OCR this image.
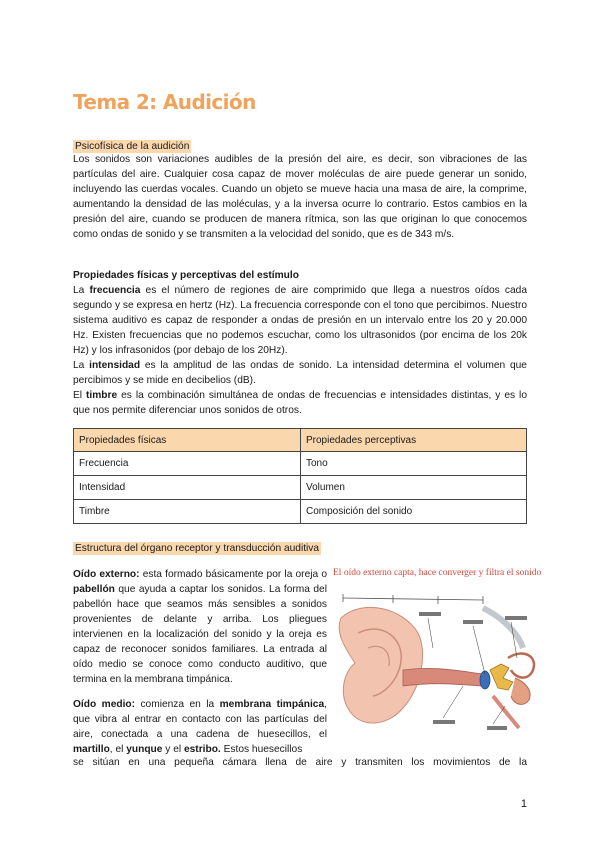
Tema 2: Audición
Psicofísica de la audición

Los sonidos son variaciones audibles de la presión del aire, es decir, son vibraciones de las partículas del aire. Cualquier cosa capaz de mover moléculas de aire puede generar un sonido, incluyendo las cuerdas vocales. Cuando un objeto se mueve hacia una masa de aire, la comprime, aumentando la densidad de las moléculas, y a la inversa ocurre lo contrario. Estos cambios en la presión del aire, cuando se producen de manera rítmica, son las que originan lo que conocemos como ondas de sonido y se transmiten a la velocidad del sonido, que es de 343 m/s.

Propiedades físicas y perceptivas del estímulo
La frecuencia es el número de regiones de aire comprimido que llega a nuestros oídos cada segundo y se expresa en hertz (Hz). La frecuencia corresponde con el tono que percibimos. Nuestro sistema auditivo es capaz de responder a ondas de presión en un intervalo entre los 20 y 20.000 Hz. Existen frecuencias que no podemos escuchar, como los ultrasonidos (por encima de los 20k Hz) y los infrasonidos (por debajo de los 20Hz).
La intensidad es la amplitud de las ondas de sonido. La intensidad determina el volumen que percibimos y se mide en decibelios (dB).
El timbre es la combinación simultánea de ondas de frecuencias e intensidades distintas, y es lo que nos permite diferenciar unos sonidos de otros.

Propiedades físicas	Propiedades perceptivas
Frecuencia	Tono
Intensidad	Volumen
Timbre	Composición del sonido
Estructura del órgano receptor y transducción auditiva

Oído externo: esta formado básicamente por la oreja o pabellón que ayuda a captar los sonidos. La forma del pabellón hace que seamos más sensibles a sonidos provenientes de delante y arriba. Los pliegues intervienen en la localización del sonido y la oreja es capaz de reconocer sonidos familiares. La entrada al oído medio se conoce como conducto auditivo, que termina en la membrana timpánica.

Oído medio: comienza en la membrana timpánica, que vibra al entrar en contacto con las partículas del aire, conectada a una cadena de huesecillos, el martillo, el yunque y el estribo. Estos huesecillos

se sitúan en una pequeña cámara llena de aire y transmiten los movimientos de la

El oído externo capta, hace converger y filtra el sonido
1
